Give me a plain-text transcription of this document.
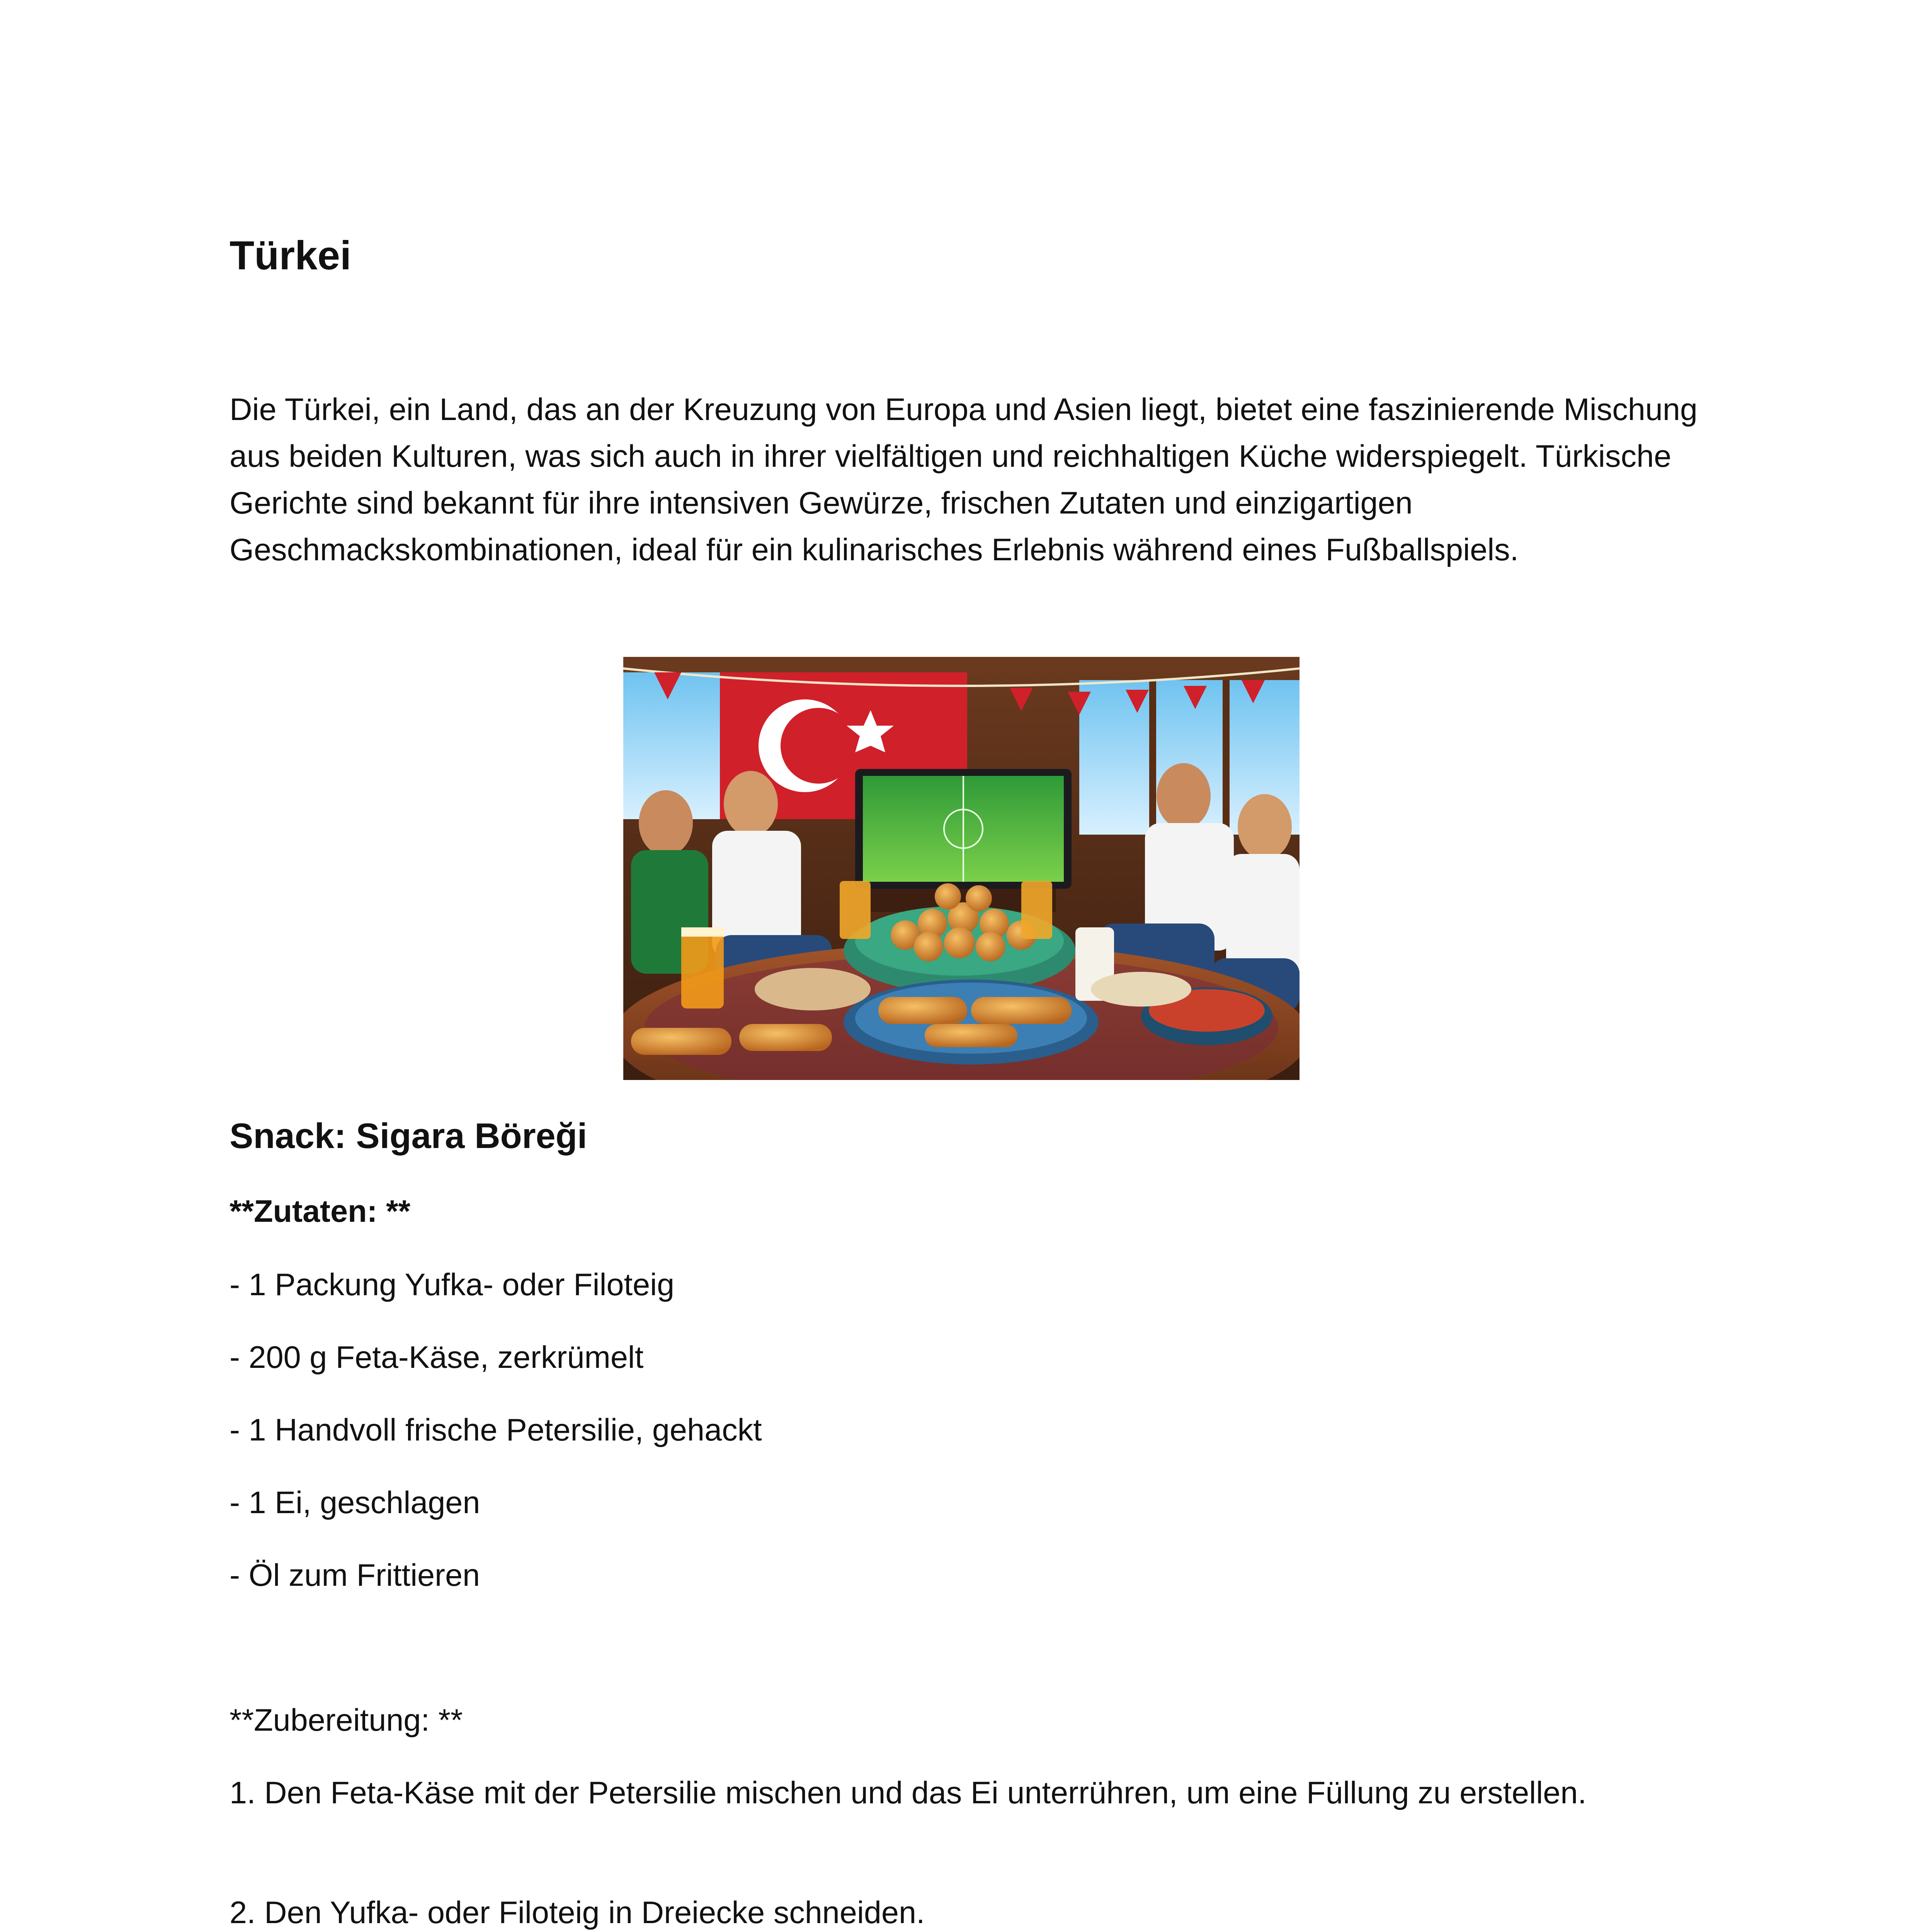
Türkei

Die Türkei, ein Land, das an der Kreuzung von Europa und Asien liegt, bietet eine faszinierende Mischung aus beiden Kulturen, was sich auch in ihrer vielfältigen und reichhaltigen Küche widerspiegelt. Türkische Gerichte sind bekannt für ihre intensiven Gewürze, frischen Zutaten und einzigartigen Geschmackskombinationen, ideal für ein kulinarisches Erlebnis während eines Fußballspiels.

Snack: Sigara Böreği

**Zutaten: **

- 1 Packung Yufka- oder Filoteig

- 200 g Feta-Käse, zerkrümelt

- 1 Handvoll frische Petersilie, gehackt

- 1 Ei, geschlagen

- Öl zum Frittieren

**Zubereitung: **

1. Den Feta-Käse mit der Petersilie mischen und das Ei unterrühren, um eine Füllung zu erstellen.

2. Den Yufka- oder Filoteig in Dreiecke schneiden.
